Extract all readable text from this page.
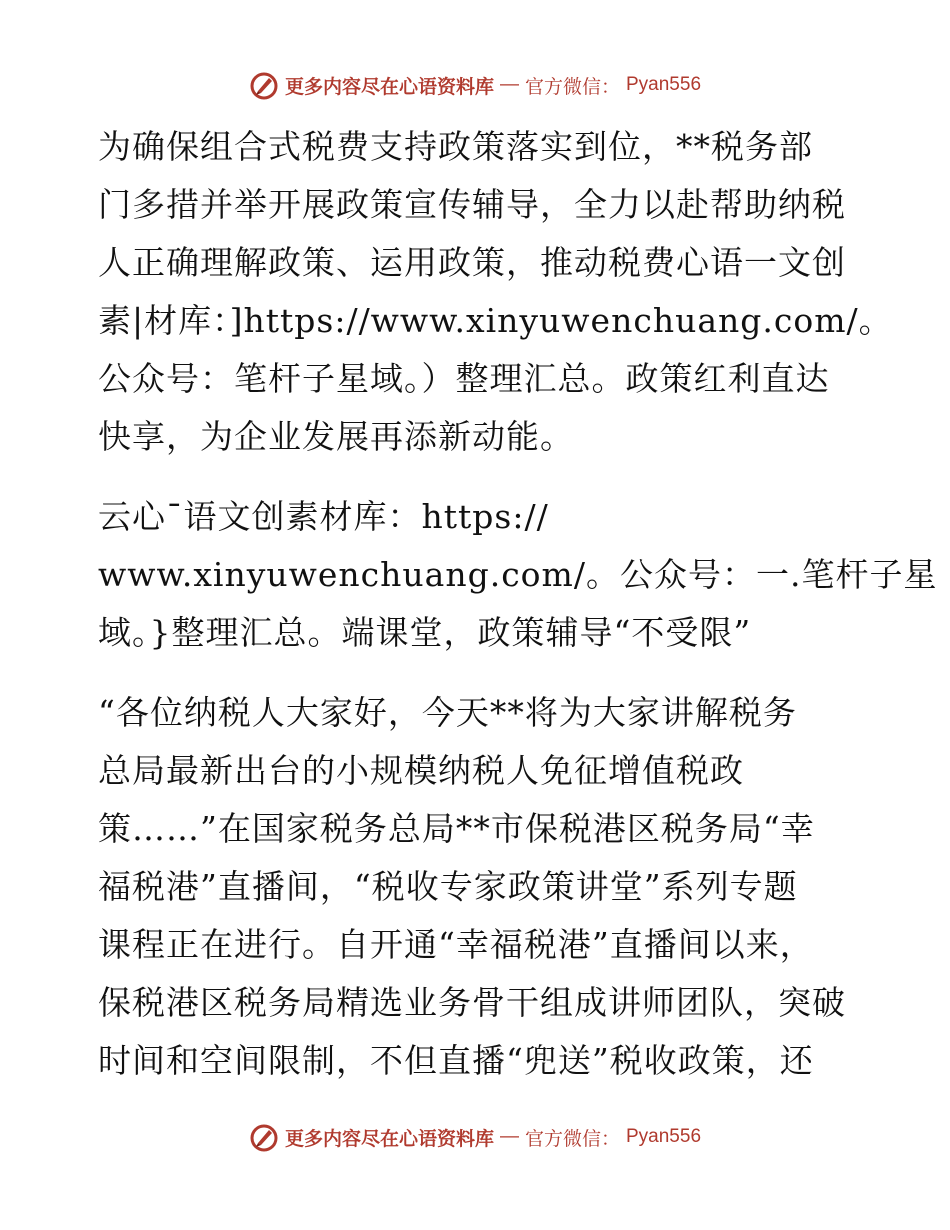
更多内容尽在心语资料库 — 官方微信： Pyan556
为确保组合式税费支持政策落实到位，**税务部
门多措并举开展政策宣传辅导，全力以赴帮助纳税
人正确理解政策、运用政策，推动税费心语一文创
素|材库：]https://www.xinyuwenchuang.com/。
公众号：笔杆子星域。）整理汇总。政策红利直达
快享，为企业发展再添新动能。
云心¯语文创素材库：https://
www.xinyuwenchuang.com/。公众号：一.笔杆子星
域。}整理汇总。端课堂，政策辅导“不受限”
“各位纳税人大家好，今天**将为大家讲解税务
总局最新出台的小规模纳税人免征增值税政
策……”在国家税务总局**市保税港区税务局“幸
福税港”直播间，“税收专家政策讲堂”系列专题
课程正在进行。自开通“幸福税港”直播间以来，
保税港区税务局精选业务骨干组成讲师团队，突破
时间和空间限制，不但直播“兜送”税收政策，还
更多内容尽在心语资料库 — 官方微信： Pyan556
